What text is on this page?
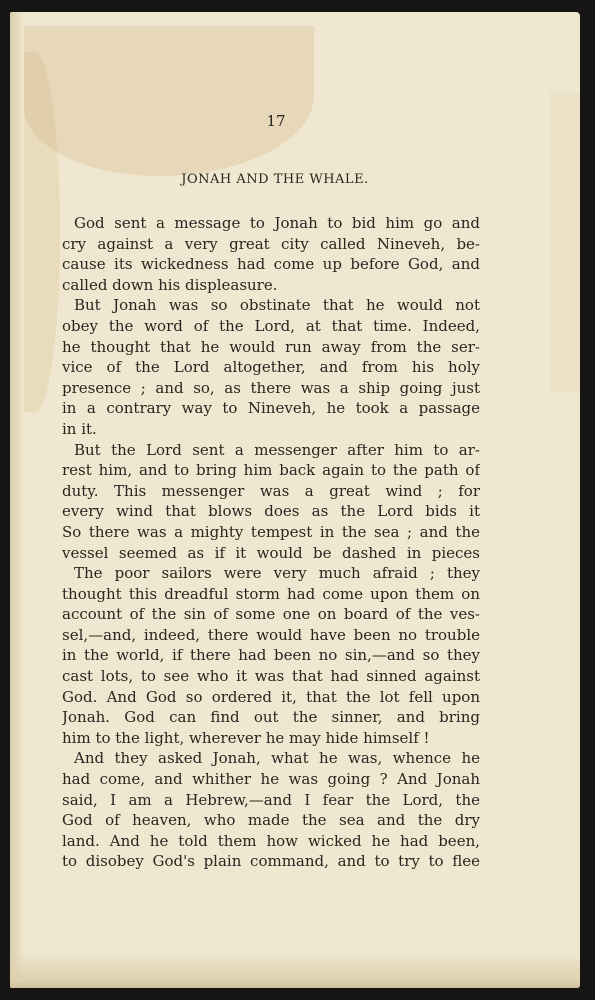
17
JONAH AND THE WHALE.
God sent a message to Jonah to bid him go and
cry against a very great city called Nineveh, be-
cause its wickedness had come up before God, and
called down his displeasure.
But Jonah was so obstinate that he would not
obey the word of the Lord, at that time. Indeed,
he thought that he would run away from the ser-
vice of the Lord altogether, and from his holy
presence ; and so, as there was a ship going just
in a contrary way to Nineveh, he took a passage
in it.
But the Lord sent a messenger after him to ar-
rest him, and to bring him back again to the path of
duty. This messenger was a great wind ; for
every wind that blows does as the Lord bids it
So there was a mighty tempest in the sea ; and the
vessel seemed as if it would be dashed in pieces
The poor sailors were very much afraid ; they
thought this dreadful storm had come upon them on
account of the sin of some one on board of the ves-
sel,—and, indeed, there would have been no trouble
in the world, if there had been no sin,—and so they
cast lots, to see who it was that had sinned against
God. And God so ordered it, that the lot fell upon
Jonah. God can find out the sinner, and bring
him to the light, wherever he may hide himself !
And they asked Jonah, what he was, whence he
had come, and whither he was going ? And Jonah
said, I am a Hebrew,—and I fear the Lord, the
God of heaven, who made the sea and the dry
land. And he told them how wicked he had been,
to disobey God's plain command, and to try to flee
